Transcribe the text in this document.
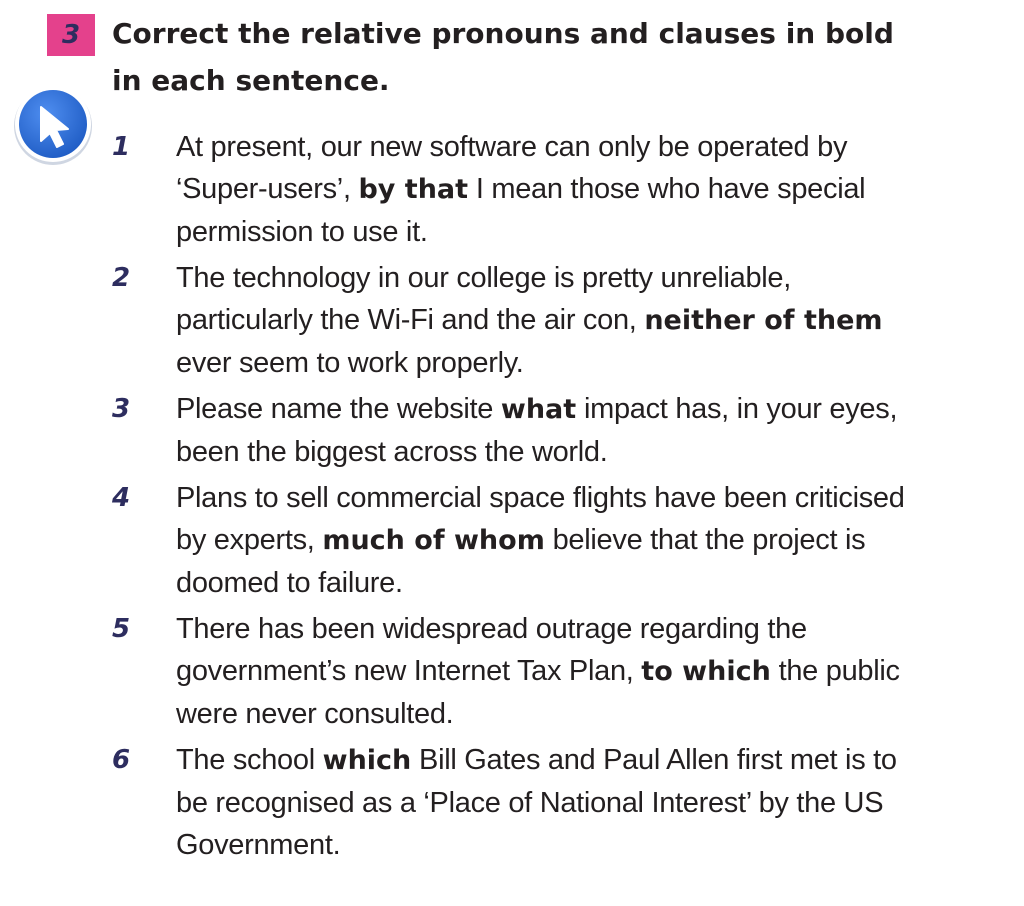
3	Correct the relative pronouns and clauses in bold in each sentence.
1 At present, our new software can only be operated by ‘Super-users’, by that I mean those who have special permission to use it.
2 The technology in our college is pretty unreliable, particularly the Wi-Fi and the air con, neither of them ever seem to work properly.
3 Please name the website what impact has, in your eyes, been the biggest across the world.
4 Plans to sell commercial space flights have been criticised by experts, much of whom believe that the project is doomed to failure.
5 There has been widespread outrage regarding the government’s new Internet Tax Plan, to which the public were never consulted.
6 The school which Bill Gates and Paul Allen first met is to be recognised as a ‘Place of National Interest’ by the US Government.
